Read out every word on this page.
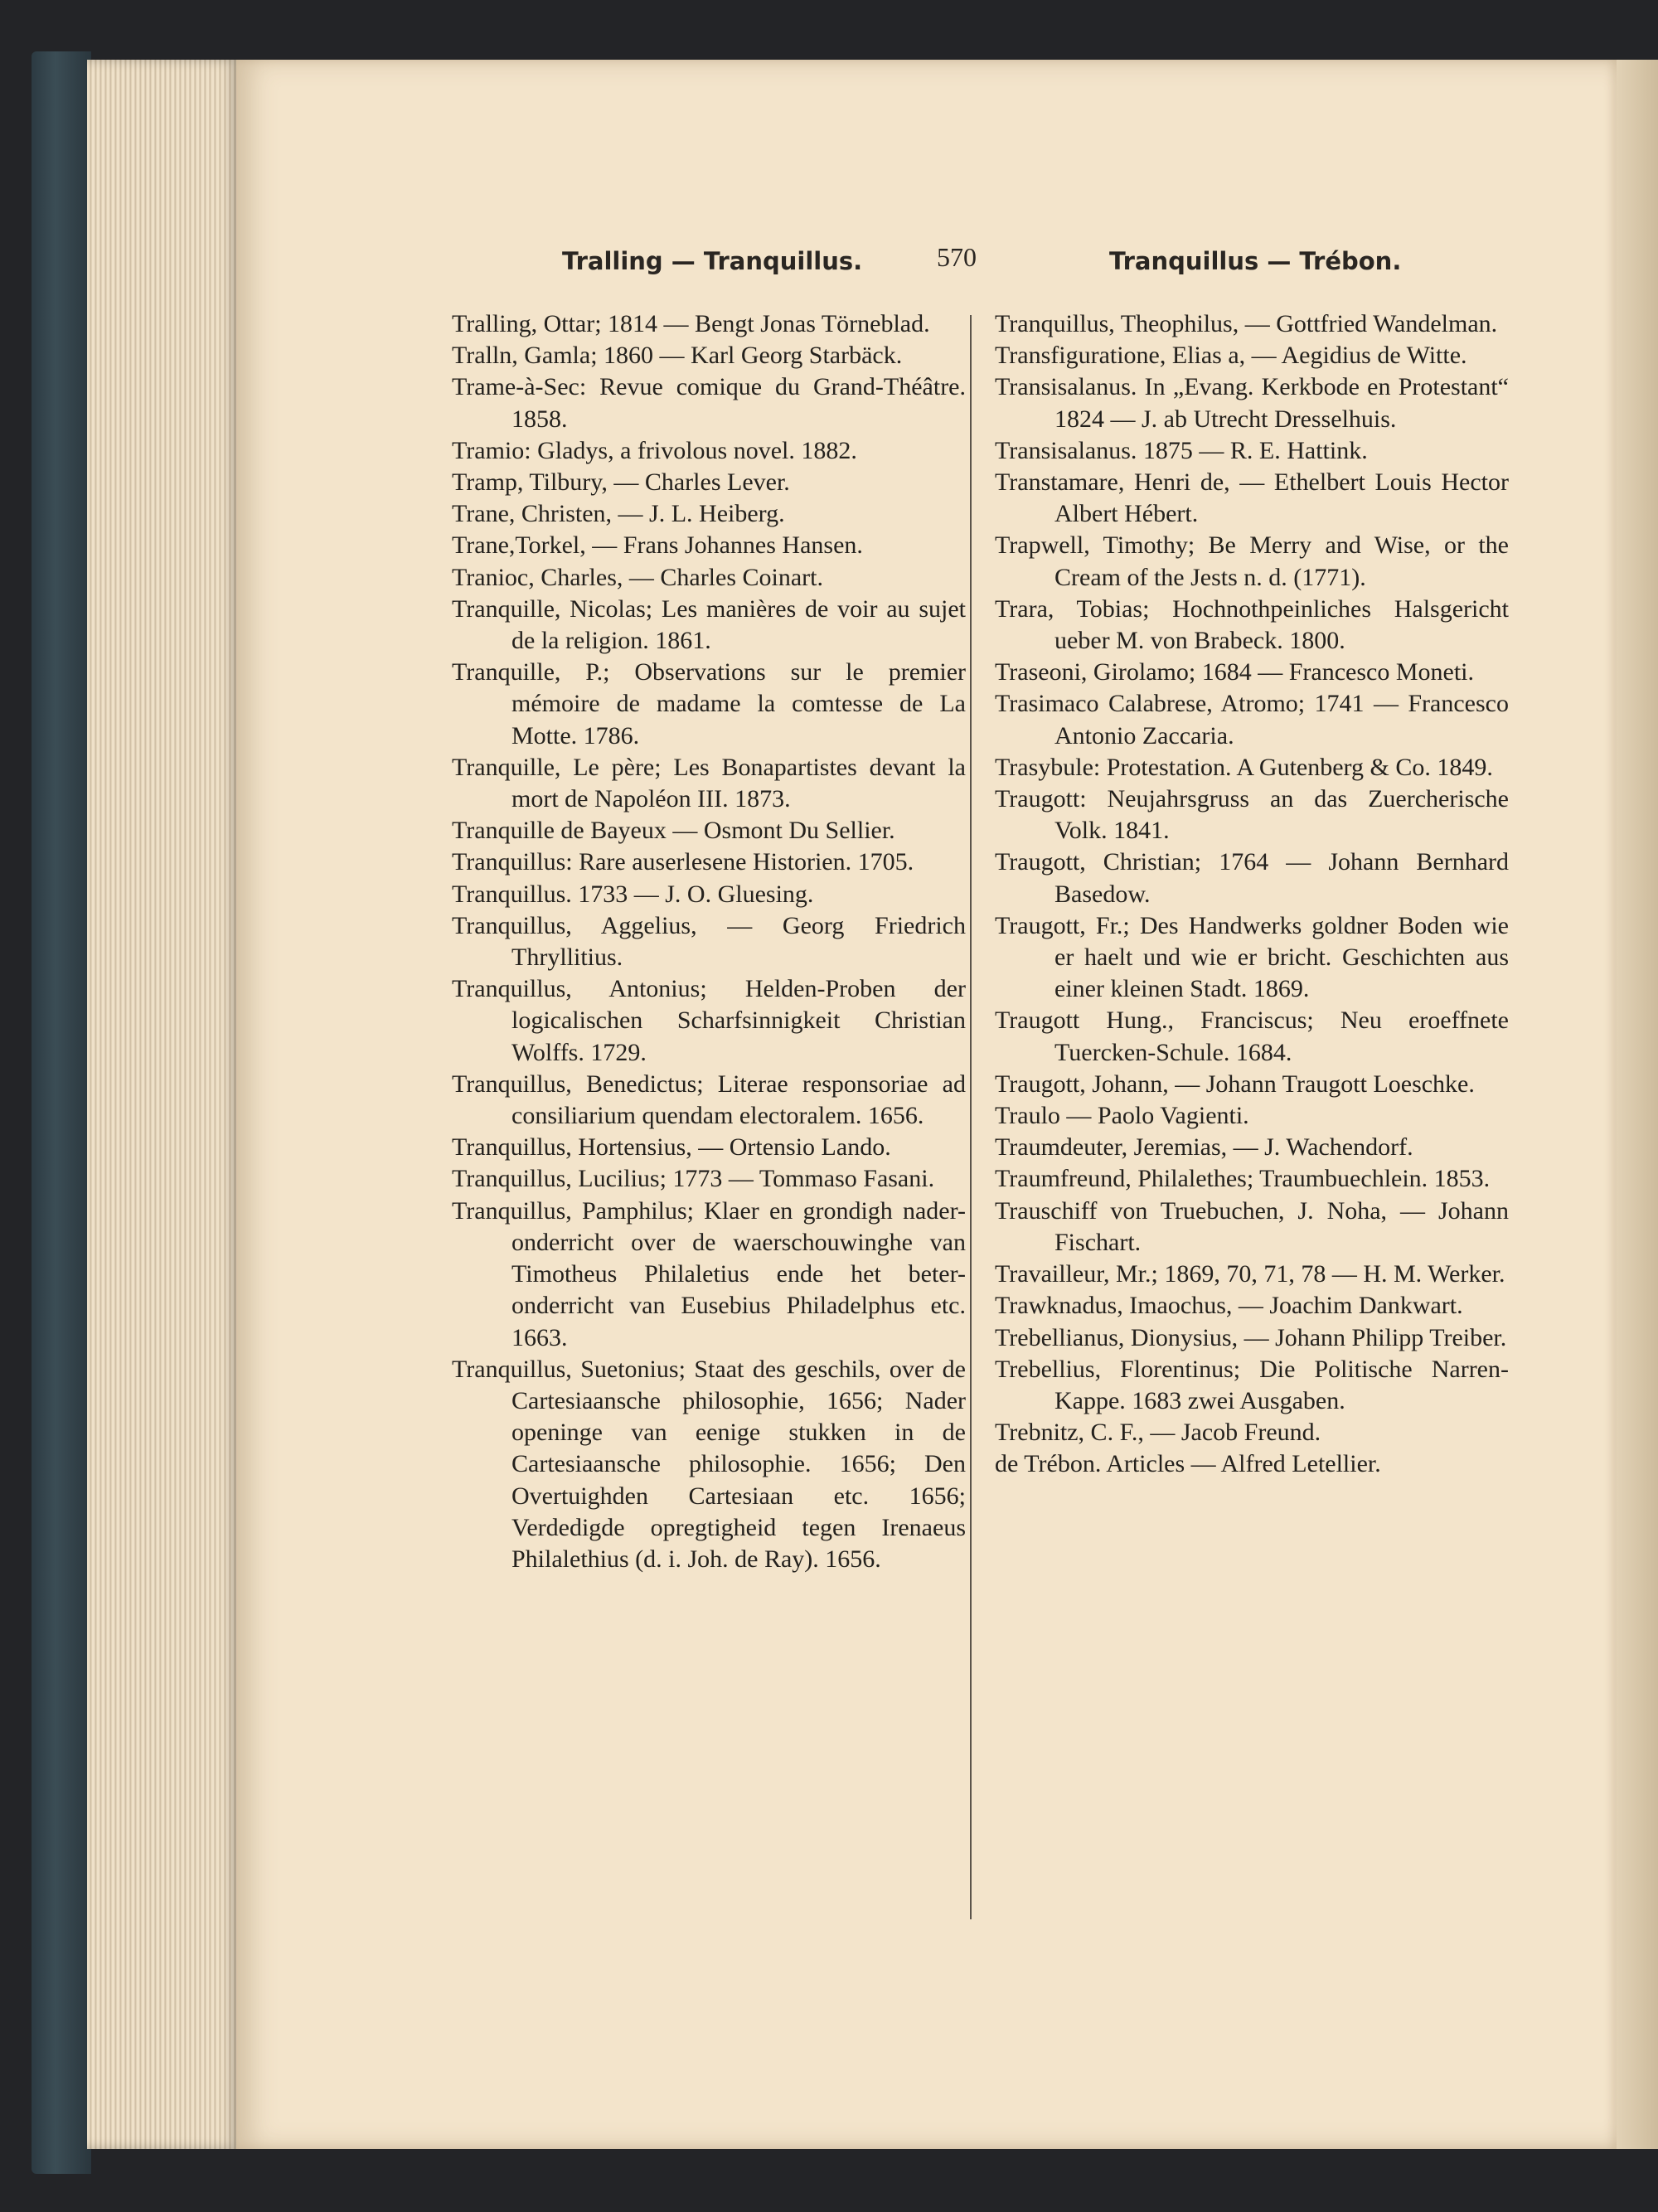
Tralling — Tranquillus.	570	Tranquillus — Trébon.
Tralling, Ottar; 1814 — Bengt Jonas Törneblad.
Tralln, Gamla; 1860 — Karl Georg Starbäck.
Trame-à-Sec: Revue comique du Grand-Théâtre. 1858.
Tramio: Gladys, a frivolous novel. 1882.
Tramp, Tilbury, — Charles Lever.
Trane, Christen, — J. L. Heiberg.
Trane,Torkel, — Frans Johannes Hansen.
Tranioc, Charles, — Charles Coinart.
Tranquille, Nicolas; Les manières de voir au sujet de la religion. 1861.
Tranquille, P.; Observations sur le premier mémoire de madame la comtesse de La Motte. 1786.
Tranquille, Le père; Les Bonapartistes devant la mort de Napoléon III. 1873.
Tranquille de Bayeux — Osmont Du Sellier.
Tranquillus: Rare auserlesene Historien. 1705.
Tranquillus. 1733 — J. O. Gluesing.
Tranquillus, Aggelius, — Georg Friedrich Thryllitius.
Tranquillus, Antonius; Helden-Proben der logicalischen Scharfsinnigkeit Christian Wolffs. 1729.
Tranquillus, Benedictus; Literae responsoriae ad consiliarium quendam electoralem. 1656.
Tranquillus, Hortensius, — Ortensio Lando.
Tranquillus, Lucilius; 1773 — Tommaso Fasani.
Tranquillus, Pamphilus; Klaer en grondigh nader-onderricht over de waerschouwinghe van Timotheus Philaletius ende het beter-onderricht van Eusebius Philadelphus etc. 1663.
Tranquillus, Suetonius; Staat des geschils, over de Cartesiaansche philosophie, 1656; Nader openinge van eenige stukken in de Cartesiaansche philosophie. 1656; Den Overtuighden Cartesiaan etc. 1656; Verdedigde opregtigheid tegen Irenaeus Philalethius (d. i. Joh. de Ray). 1656.
Tranquillus, Theophilus, — Gottfried Wandelman.
Transfiguratione, Elias a, — Aegidius de Witte.
Transisalanus. In „Evang. Kerkbode en Protestant“ 1824 — J. ab Utrecht Dresselhuis.
Transisalanus. 1875 — R. E. Hattink.
Transtamare, Henri de, — Ethelbert Louis Hector Albert Hébert.
Trapwell, Timothy; Be Merry and Wise, or the Cream of the Jests n. d. (1771).
Trara, Tobias; Hochnothpeinliches Halsgericht ueber M. von Brabeck. 1800.
Traseoni, Girolamo; 1684 — Francesco Moneti.
Trasimaco Calabrese, Atromo; 1741 — Francesco Antonio Zaccaria.
Trasybule: Protestation. A Gutenberg & Co. 1849.
Traugott: Neujahrsgruss an das Zuercherische Volk. 1841.
Traugott, Christian; 1764 — Johann Bernhard Basedow.
Traugott, Fr.; Des Handwerks goldner Boden wie er haelt und wie er bricht. Geschichten aus einer kleinen Stadt. 1869.
Traugott Hung., Franciscus; Neu eroeffnete Tuercken-Schule. 1684.
Traugott, Johann, — Johann Traugott Loeschke.
Traulo — Paolo Vagienti.
Traumdeuter, Jeremias, — J. Wachendorf.
Traumfreund, Philalethes; Traumbuechlein. 1853.
Trauschiff von Truebuchen, J. Noha, — Johann Fischart.
Travailleur, Mr.; 1869, 70, 71, 78 — H. M. Werker.
Trawknadus, Imaochus, — Joachim Dankwart.
Trebellianus, Dionysius, — Johann Philipp Treiber.
Trebellius, Florentinus; Die Politische Narren-Kappe. 1683 zwei Ausgaben.
Trebnitz, C. F., — Jacob Freund.
de Trébon. Articles — Alfred Letellier.
